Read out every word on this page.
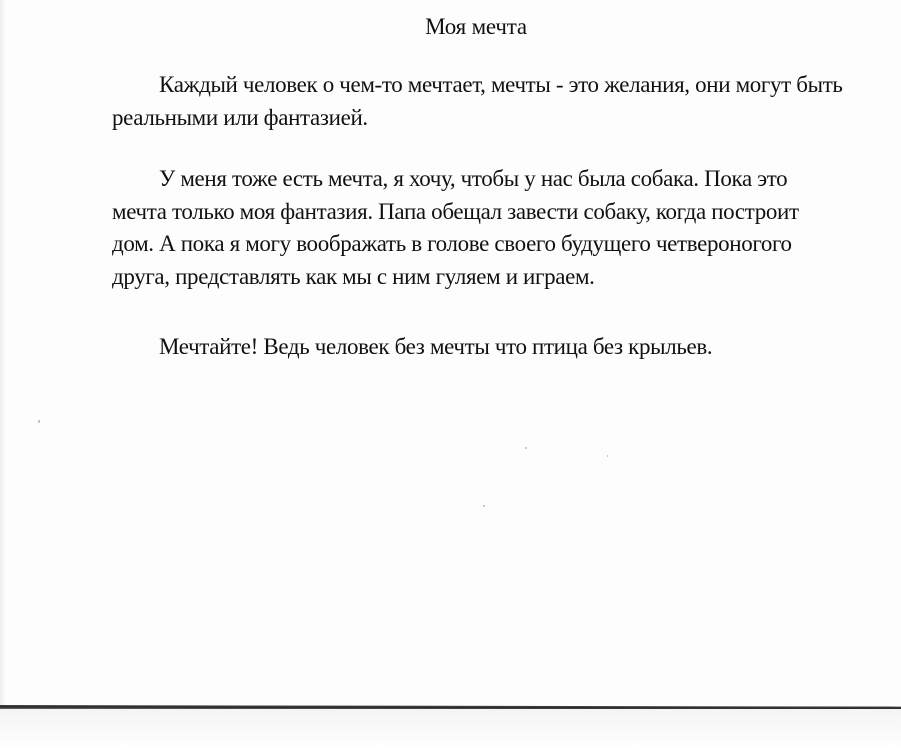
Моя мечта

Каждый человек о чем-то мечтает, мечты - это желания, они могут быть
реальными или фантазией.

У меня тоже есть мечта, я хочу, чтобы у нас была собака. Пока это
мечта только моя фантазия. Папа обещал завести собаку, когда построит
дом. А пока я могу воображать в голове своего будущего четвероногого
друга, представлять как мы с ним гуляем и играем.

Мечтайте! Ведь человек без мечты что птица без крыльев.
